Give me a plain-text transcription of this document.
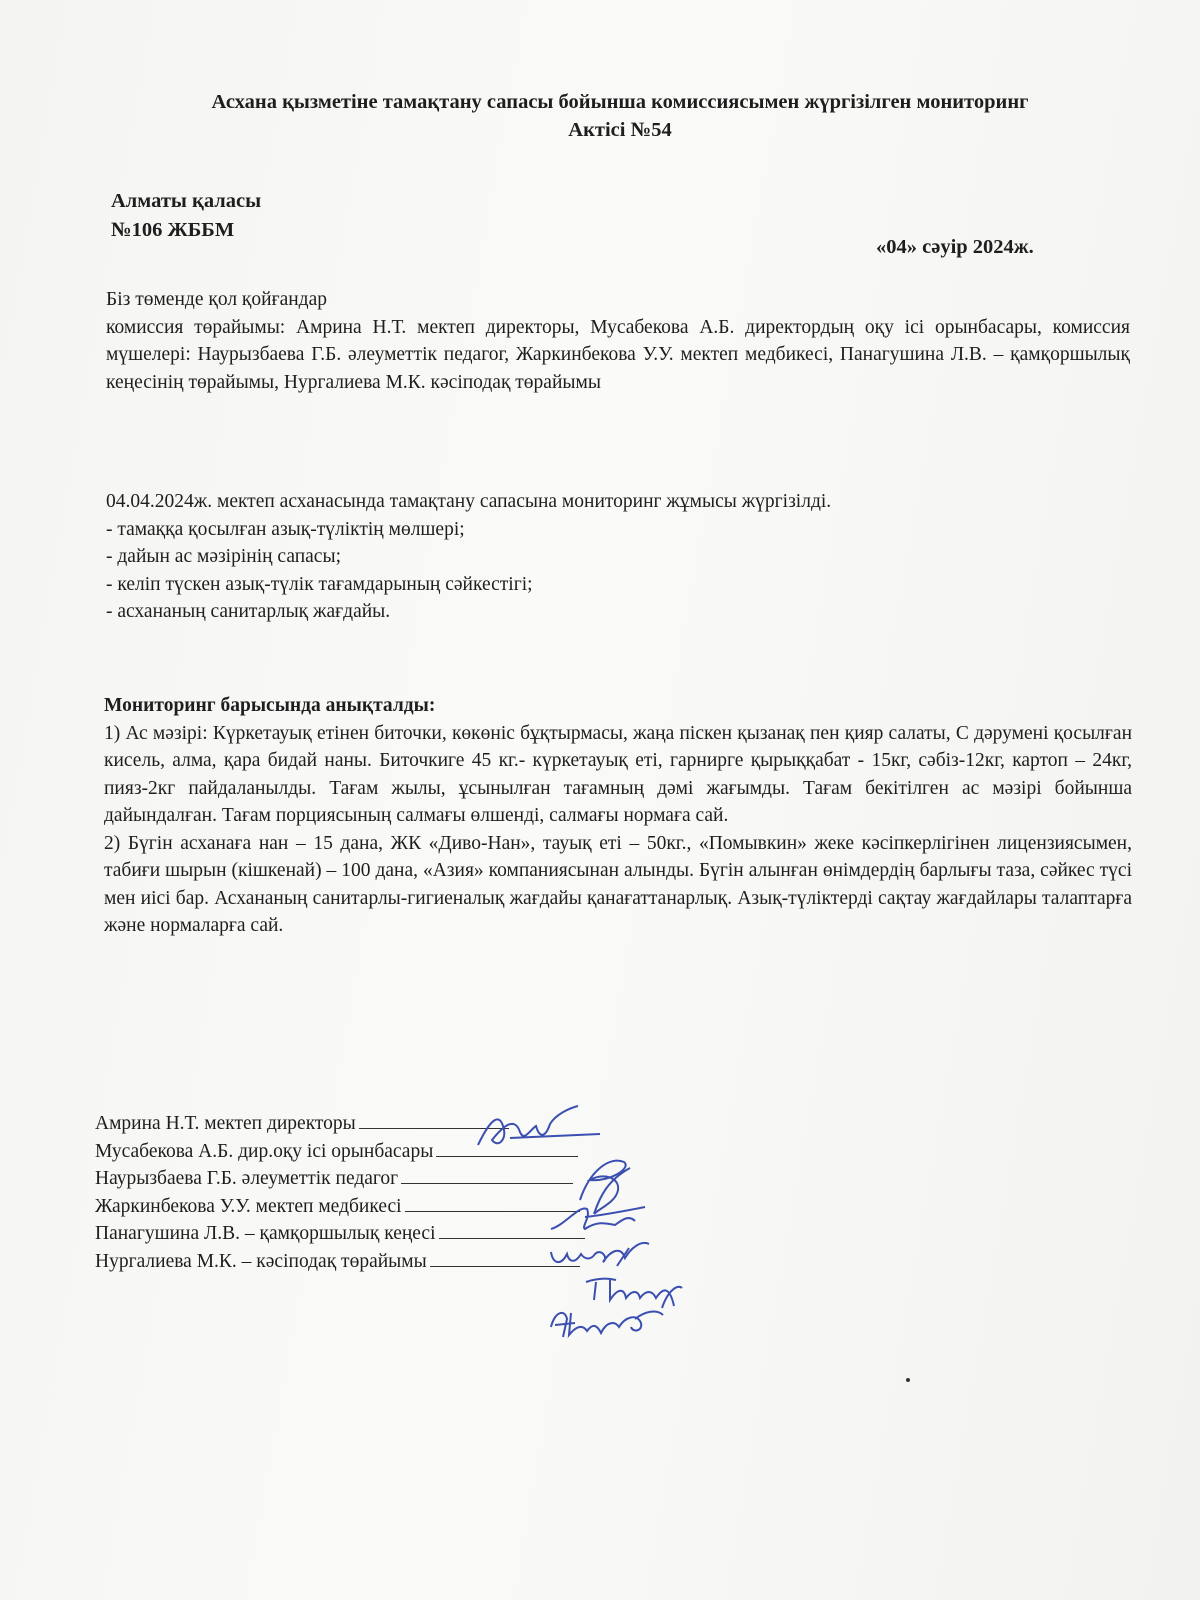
Асхана қызметіне тамақтану сапасы бойынша комиссиясымен жүргізілген мониторинг
Актісі №54
Алматы қаласы
№106 ЖББМ
«04» сәуір 2024ж.

Біз төменде қол қойғандар

комиссия төрайымы: Амрина Н.Т. мектеп директоры, Мусабекова А.Б. директордың оқу ісі орынбасары, комиссия мүшелері: Наурызбаева Г.Б. әлеуметтік педагог, Жаркинбекова У.У. мектеп медбикесі, Панагушина Л.В. – қамқоршылық кеңесінің төрайымы, Нургалиева М.К. кәсіподақ төрайымы

04.04.2024ж. мектеп асханасында тамақтану сапасына мониторинг жұмысы жүргізілді.

- тамаққа қосылған азық-түліктің мөлшері;

- дайын ас мәзірінің сапасы;

- келіп түскен азық-түлік тағамдарының сәйкестігі;

- асхананың санитарлық жағдайы.

Мониторинг барысында анықталды:

1) Ас мәзірі: Күркетауық етінен биточки, көкөніс бұқтырмасы, жаңа піскен қызанақ пен қияр салаты, С дәрумені қосылған кисель, алма, қара бидай наны. Биточкиге 45 кг.- күркетауық еті, гарнирге қырыққабат - 15кг, сәбіз-12кг, картоп – 24кг, пияз-2кг пайдаланылды. Тағам жылы, ұсынылған тағамның дәмі жағымды. Тағам бекітілген ас мәзірі бойынша дайындалған. Тағам порциясының салмағы өлшенді, салмағы нормаға сай.

2) Бүгін асханаға нан – 15 дана, ЖК «Диво-Нан», тауық еті – 50кг., «Помывкин» жеке кәсіпкерлігінен лицензиясымен, табиғи шырын (кішкенай) – 100 дана, «Азия» компаниясынан алынды. Бүгін алынған өнімдердің барлығы таза, сәйкес түсі мен иісі бар. Асхананың санитарлы-гигиеналық жағдайы қанағаттанарлық. Азық-түліктерді сақтау жағдайлары талаптарға және нормаларға сай.

Амрина Н.Т. мектеп директоры
Мусабекова А.Б. дир.оқу ісі орынбасары
Наурызбаева Г.Б. әлеуметтік педагог
Жаркинбекова У.У. мектеп медбикесі
Панагушина Л.В. – қамқоршылық кеңесі
Нургалиева М.К. – кәсіподақ төрайымы
